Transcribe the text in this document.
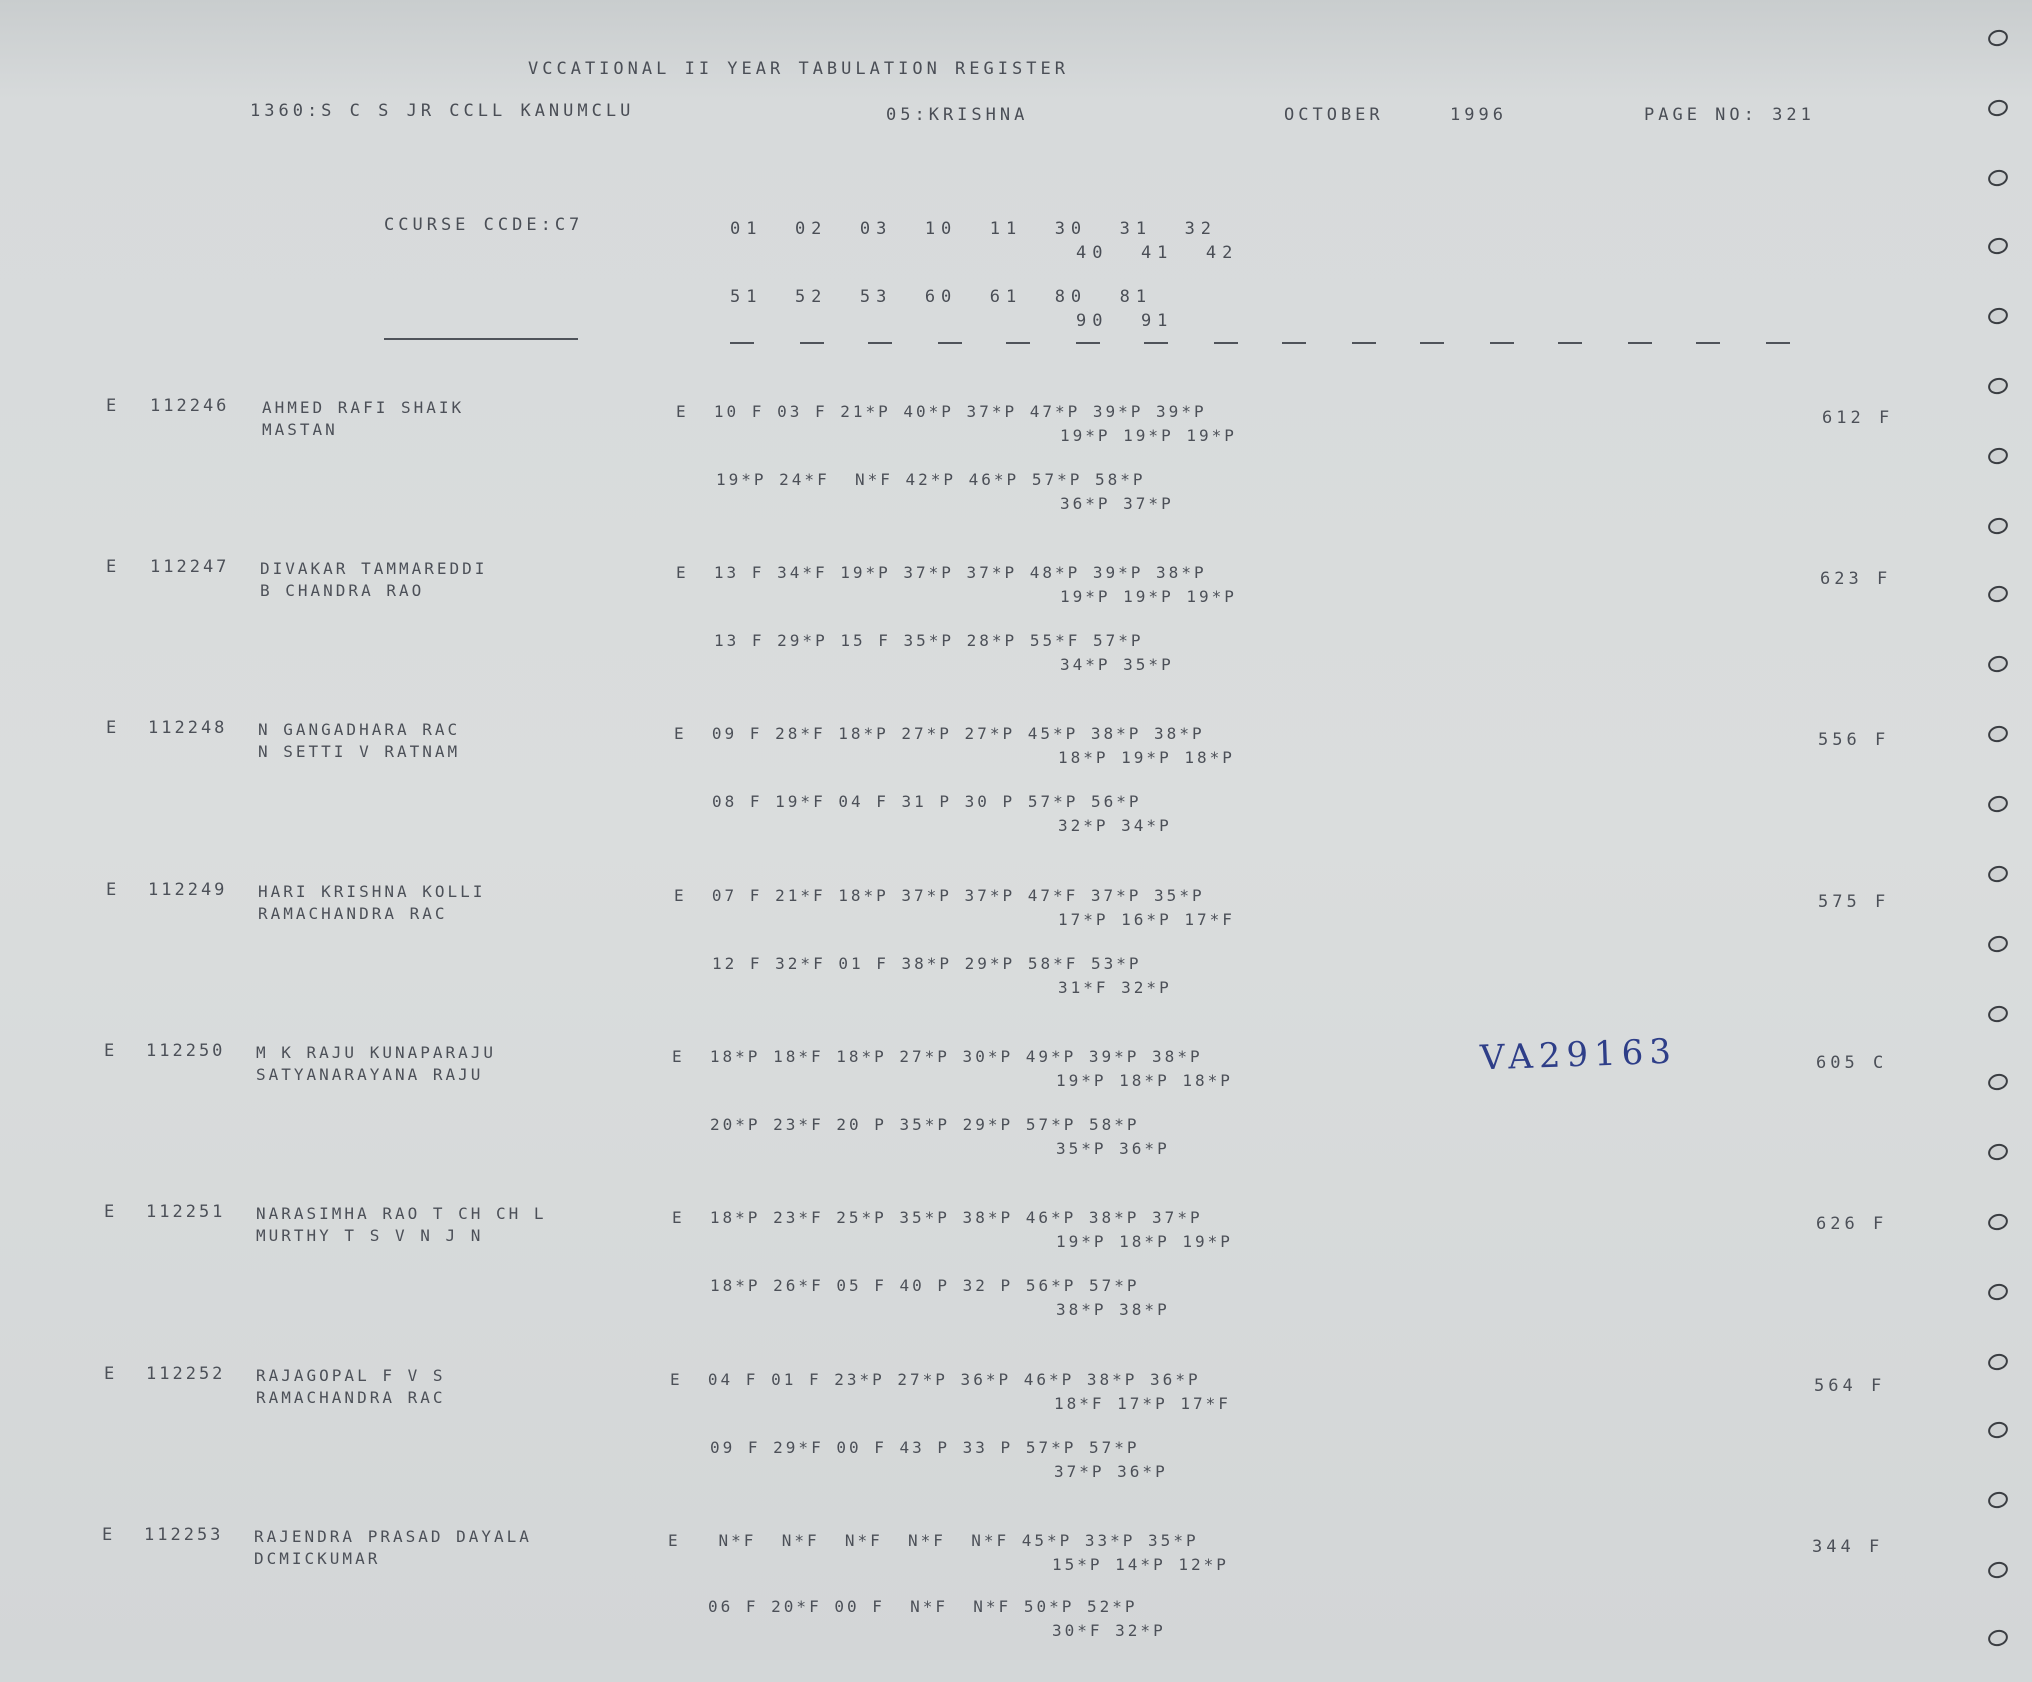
VCCATIONAL II YEAR TABULATION REGISTER
1360:S C S JR CCLL KANUMCLU	05:KRISHNA	OCTOBER	1996	PAGE NO: 321
CCURSE CCDE:C7	01  02  03  10  11  30  31  32
40  41  42
51  52  53  60  61  80  81
90  91
E 112246 AHMED RAFI SHAIK
MASTAN
E  10 F 03 F 21*P 40*P 37*P 47*P 39*P 39*P
19*P 19*P 19*P
19*P 24*F  N*F 42*P 46*P 57*P 58*P
36*P 37*P
612 F
E 112247 DIVAKAR TAMMAREDDI
B CHANDRA RAO
E  13 F 34*F 19*P 37*P 37*P 48*P 39*P 38*P
19*P 19*P 19*P
13 F 29*P 15 F 35*P 28*P 55*F 57*P
34*P 35*P
623 F
E 112248 N GANGADHARA RAC
N SETTI V RATNAM
E  09 F 28*F 18*P 27*P 27*P 45*P 38*P 38*P
18*P 19*P 18*P
08 F 19*F 04 F 31 P 30 P 57*P 56*P
32*P 34*P
556 F
E 112249 HARI KRISHNA KOLLI
RAMACHANDRA RAC
E  07 F 21*F 18*P 37*P 37*P 47*F 37*P 35*P
17*P 16*P 17*F
12 F 32*F 01 F 38*P 29*P 58*F 53*P
31*F 32*P
575 F
E 112250 M K RAJU KUNAPARAJU
SATYANARAYANA RAJU
E  18*P 18*F 18*P 27*P 30*P 49*P 39*P 38*P
19*P 18*P 18*P
20*P 23*F 20 P 35*P 29*P 57*P 58*P
35*P 36*P
605 C
E 112251 NARASIMHA RAO T CH CH L
MURTHY T S V N J N
E  18*P 23*F 25*P 35*P 38*P 46*P 38*P 37*P
19*P 18*P 19*P
18*P 26*F 05 F 40 P 32 P 56*P 57*P
38*P 38*P
626 F
E 112252 RAJAGOPAL F V S
RAMACHANDRA RAC
E  04 F 01 F 23*P 27*P 36*P 46*P 38*P 36*P
18*F 17*P 17*F
09 F 29*F 00 F 43 P 33 P 57*P 57*P
37*P 36*P
564 F
E 112253 RAJENDRA PRASAD DAYALA
DCMICKUMAR
E   N*F  N*F  N*F  N*F  N*F 45*P 33*P 35*P
15*P 14*P 12*P
06 F 20*F 00 F  N*F  N*F 50*P 52*P
30*F 32*P
344 F
VA29163
